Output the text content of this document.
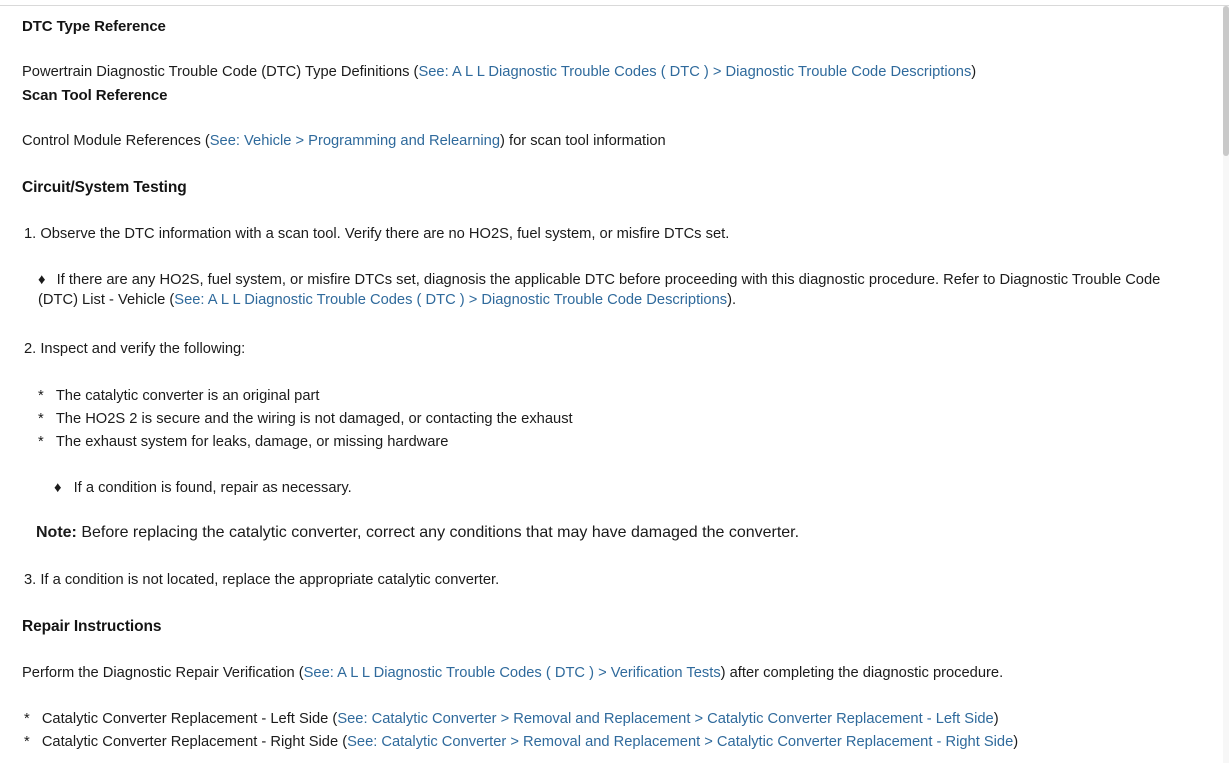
DTC Type Reference

Powertrain Diagnostic Trouble Code (DTC) Type Definitions (See: A L L Diagnostic Trouble Codes ( DTC ) > Diagnostic Trouble Code Descriptions)

Scan Tool Reference

Control Module References (See: Vehicle > Programming and Relearning) for scan tool information

Circuit/System Testing
1. Observe the DTC information with a scan tool. Verify there are no HO2S, fuel system, or misfire DTCs set.
♦ If there are any HO2S, fuel system, or misfire DTCs set, diagnosis the applicable DTC before proceeding with this diagnostic procedure. Refer to Diagnostic Trouble Code (DTC) List - Vehicle (See: A L L Diagnostic Trouble Codes ( DTC ) > Diagnostic Trouble Code Descriptions).
2. Inspect and verify the following:
* The catalytic converter is an original part
* The HO2S 2 is secure and the wiring is not damaged, or contacting the exhaust
* The exhaust system for leaks, damage, or missing hardware
♦ If a condition is found, repair as necessary.
Note: Before replacing the catalytic converter, correct any conditions that may have damaged the converter.
3. If a condition is not located, replace the appropriate catalytic converter.
Repair Instructions

Perform the Diagnostic Repair Verification (See: A L L Diagnostic Trouble Codes ( DTC ) > Verification Tests) after completing the diagnostic procedure.

* Catalytic Converter Replacement - Left Side (See: Catalytic Converter > Removal and Replacement > Catalytic Converter Replacement - Left Side)
* Catalytic Converter Replacement - Right Side (See: Catalytic Converter > Removal and Replacement > Catalytic Converter Replacement - Right Side)
